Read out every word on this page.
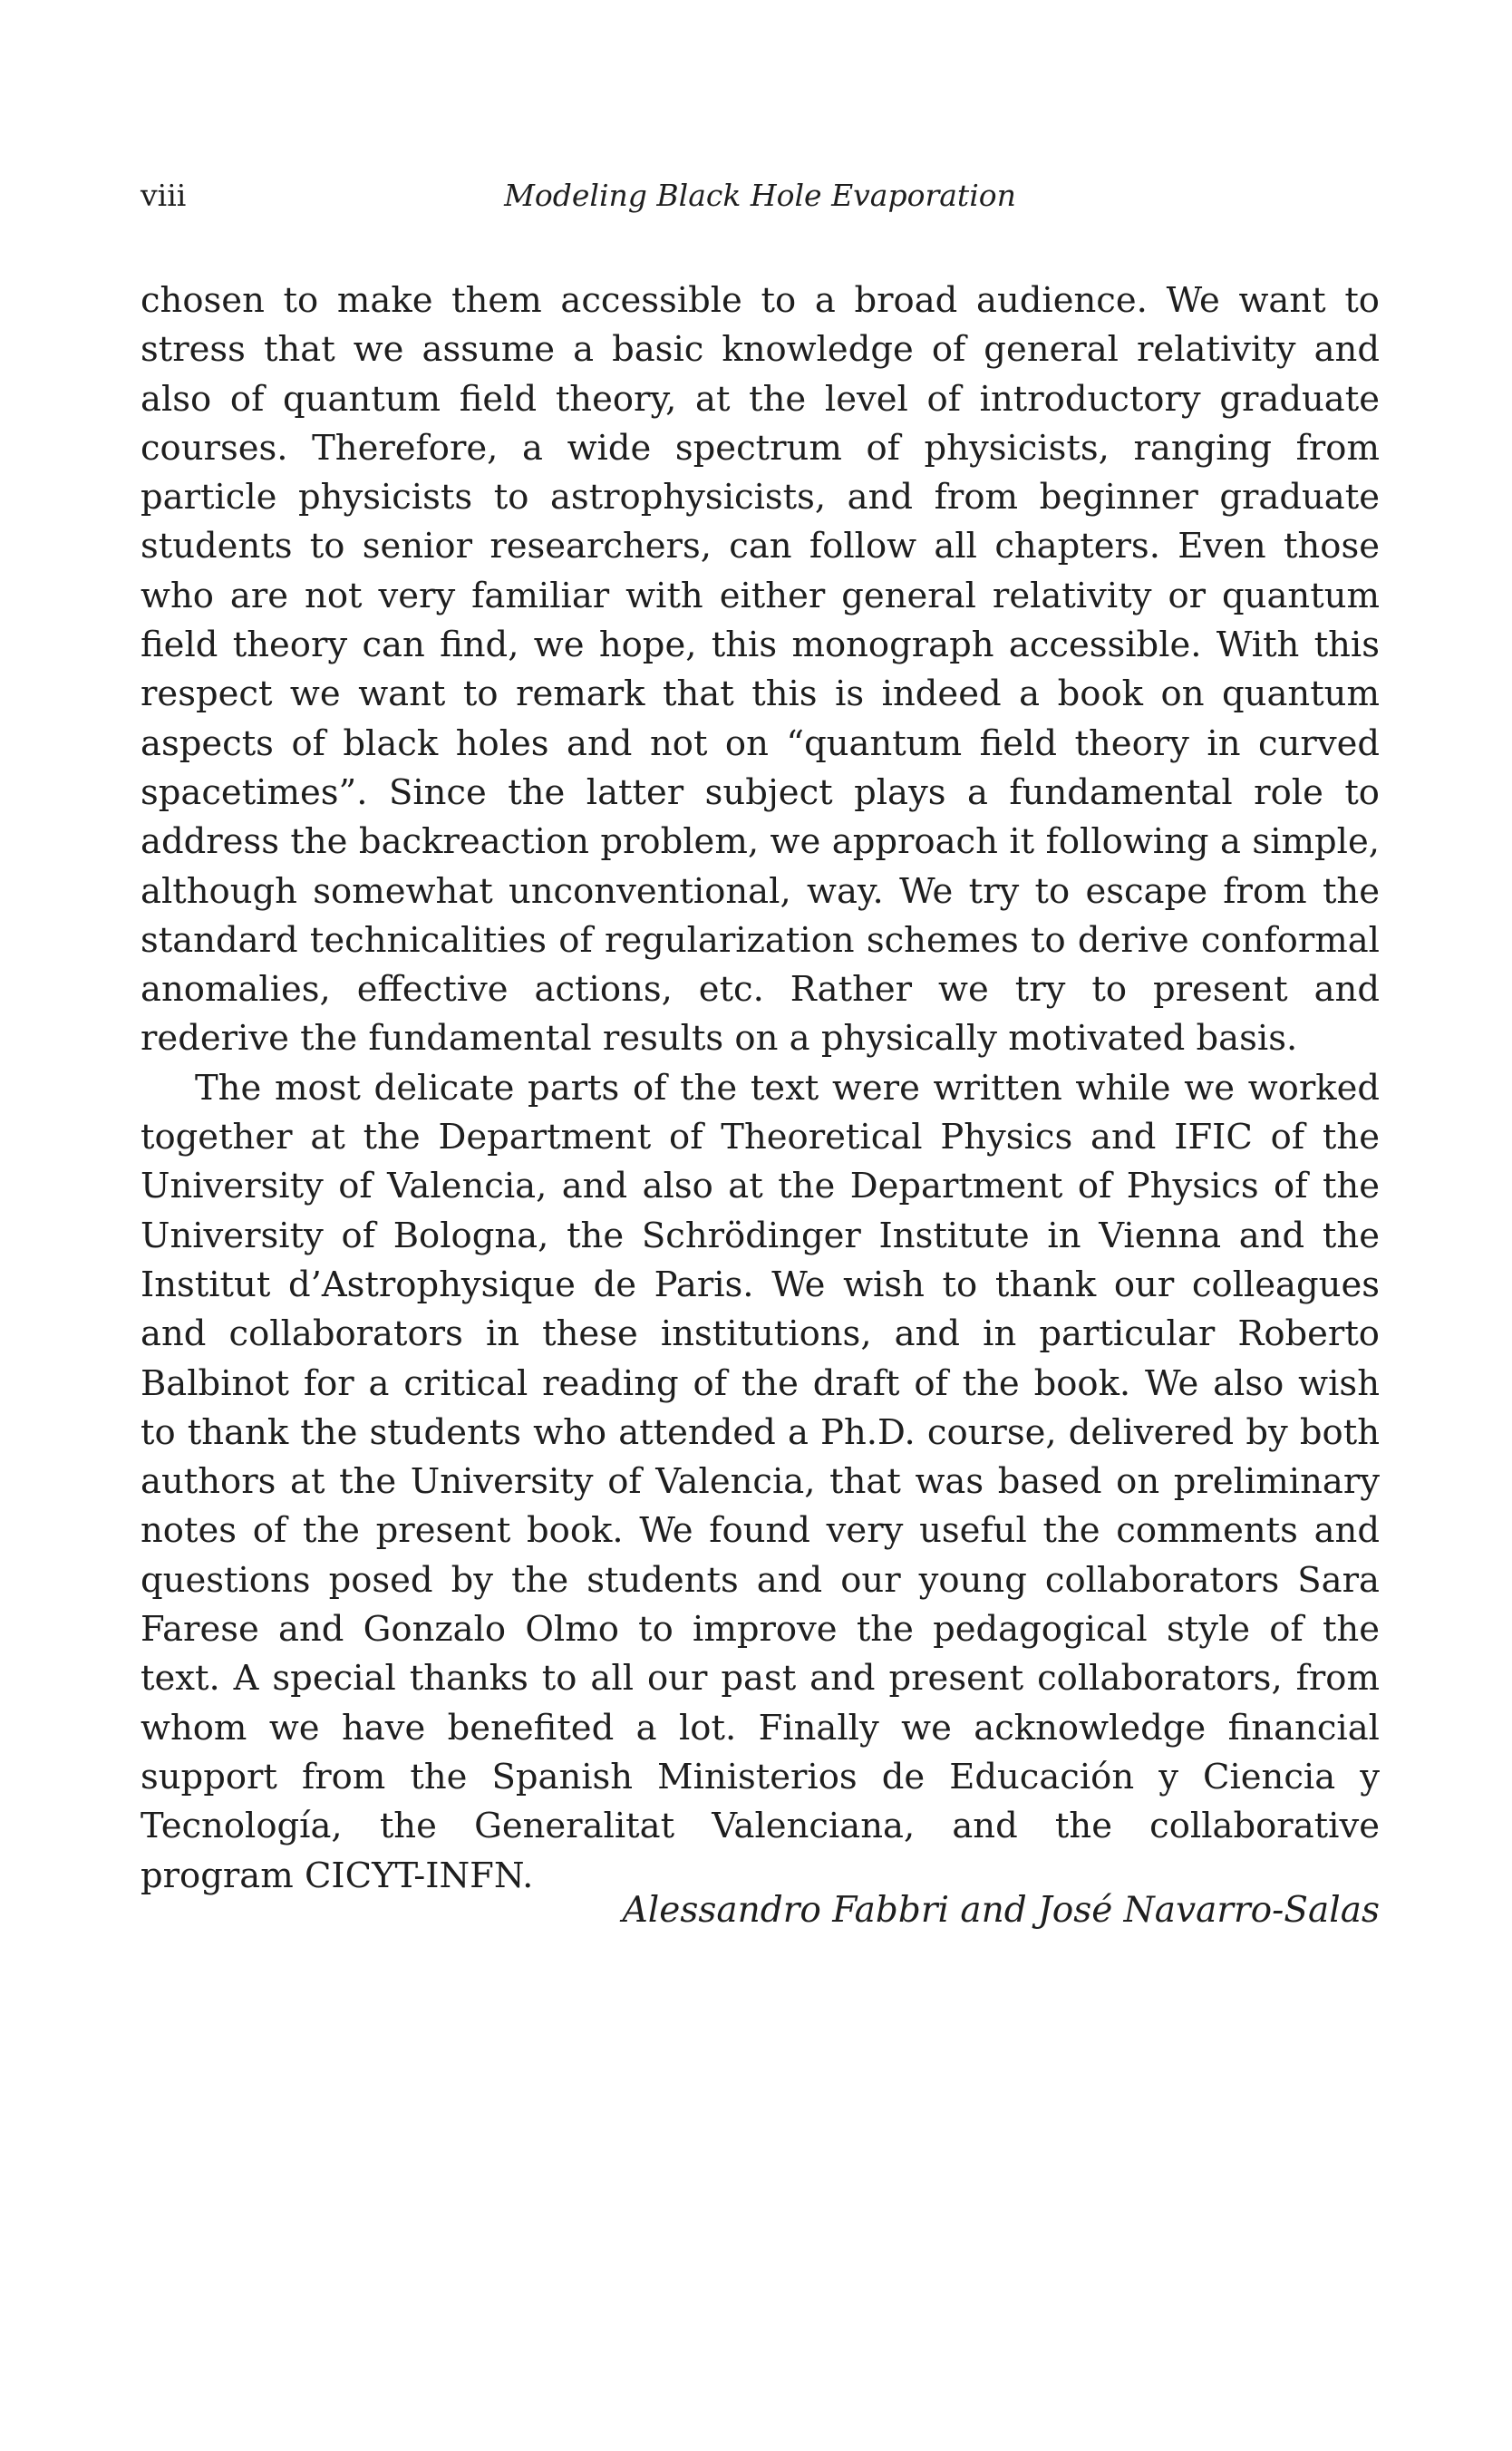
viii	Modeling Black Hole Evaporation

chosen to make them accessible to a broad audience. We want to stress that we assume a basic knowledge of general relativity and also of quantum field theory, at the level of introductory graduate courses. Therefore, a wide spectrum of physicists, ranging from particle physicists to astrophysicists, and from beginner graduate students to senior researchers, can follow all chapters. Even those who are not very familiar with either general relativity or quantum field theory can find, we hope, this monograph accessible. With this respect we want to remark that this is indeed a book on quantum aspects of black holes and not on “quantum field theory in curved spacetimes”. Since the latter subject plays a fundamental role to address the backreaction problem, we approach it following a simple, although somewhat unconventional, way. We try to escape from the standard technicalities of regularization schemes to derive conformal anomalies, effective actions, etc. Rather we try to present and rederive the fundamental results on a physically motivated basis.

The most delicate parts of the text were written while we worked together at the Department of Theoretical Physics and IFIC of the University of Valencia, and also at the Department of Physics of the University of Bologna, the Schrödinger Institute in Vienna and the Institut d’Astrophysique de Paris. We wish to thank our colleagues and collaborators in these institutions, and in particular Roberto Balbinot for a critical reading of the draft of the book. We also wish to thank the students who attended a Ph.D. course, delivered by both authors at the University of Valencia, that was based on preliminary notes of the present book. We found very useful the comments and questions posed by the students and our young collaborators Sara Farese and Gonzalo Olmo to improve the pedagogical style of the text. A special thanks to all our past and present collaborators, from whom we have benefited a lot. Finally we acknowledge financial support from the Spanish Ministerios de Educación y Ciencia y Tecnología, the Generalitat Valenciana, and the collaborative program CICYT-INFN.

Alessandro Fabbri and José Navarro-Salas
